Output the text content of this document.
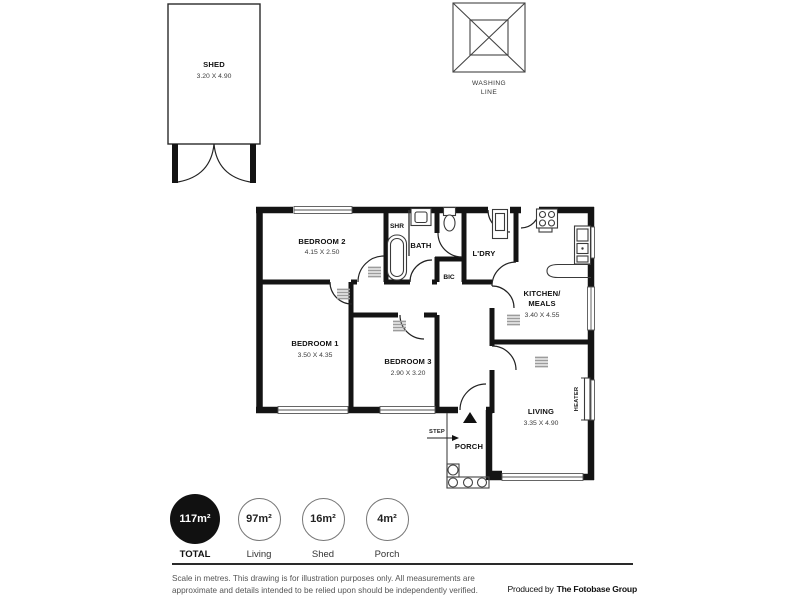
SHED
3.20 X 4.90
WASHING
LINE
BEDROOM 2
4.15 X 2.50
BEDROOM 1
3.50 X 4.35
BEDROOM 3
2.90 X 3.20
KITCHEN/
MEALS
3.40 X 4.55
LIVING
3.35 X 4.90
BATH
SHR
L'DRY
BIC
PORCH
STEP
HEATER
117m²
TOTAL
97m²
Living
16m²
Shed
4m²
Porch
Scale in metres. This drawing is for illustration purposes only. All measurements are
approximate and details intended to be relied upon should be independently verified.	Produced by The Fotobase Group
